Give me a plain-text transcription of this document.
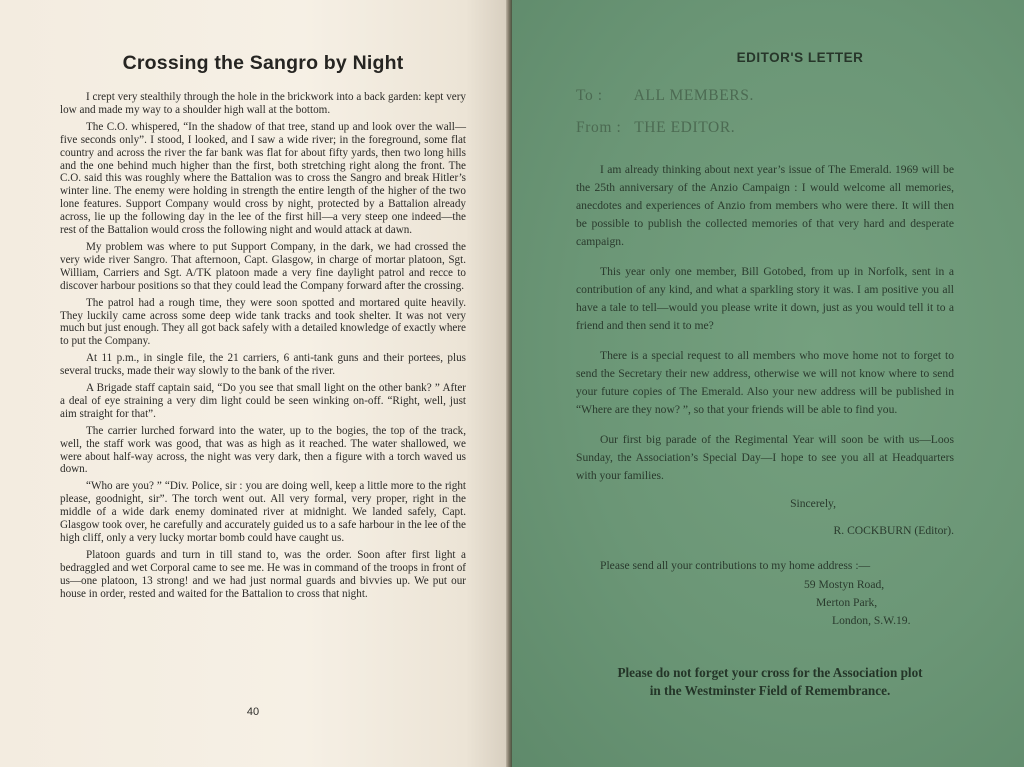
Crossing the Sangro by Night

I crept very stealthily through the hole in the brickwork into a back garden: kept very low and made my way to a shoulder high wall at the bottom.

The C.O. whispered, “In the shadow of that tree, stand up and look over the wall—five seconds only”. I stood, I looked, and I saw a wide river; in the foreground, some flat country and across the river the far bank was flat for about fifty yards, then two long hills and the one behind much higher than the first, both stretching right along the front. The C.O. said this was roughly where the Battalion was to cross the Sangro and break Hitler’s winter line. The enemy were holding in strength the entire length of the higher of the two lone features. Support Company would cross by night, protected by a Battalion already across, lie up the following day in the lee of the first hill—a very steep one indeed—the rest of the Battalion would cross the following night and would attack at dawn.

My problem was where to put Support Company, in the dark, we had crossed the very wide river Sangro. That afternoon, Capt. Glasgow, in charge of mortar platoon, Sgt. William, Carriers and Sgt. A/TK platoon made a very fine daylight patrol and recce to discover harbour positions so that they could lead the Company forward after the crossing.

The patrol had a rough time, they were soon spotted and mortared quite heavily. They luckily came across some deep wide tank tracks and took shelter. It was not very much but just enough. They all got back safely with a detailed knowledge of exactly where to put the Company.

At 11 p.m., in single file, the 21 carriers, 6 anti-tank guns and their portees, plus several trucks, made their way slowly to the bank of the river.

A Brigade staff captain said, “Do you see that small light on the other bank? ” After a deal of eye straining a very dim light could be seen winking on-off. “Right, well, just aim straight for that”.

The carrier lurched forward into the water, up to the bogies, the top of the track, well, the staff work was good, that was as high as it reached. The water shallowed, we were about half-way across, the night was very dark, then a figure with a torch waved us down.

“Who are you? ” “Div. Police, sir : you are doing well, keep a little more to the right please, goodnight, sir”. The torch went out. All very formal, very proper, right in the middle of a wide dark enemy dominated river at midnight. We landed safely, Capt. Glasgow took over, he carefully and accurately guided us to a safe harbour in the lee of the high cliff, only a very lucky mortar bomb could have caught us.

Platoon guards and turn in till stand to, was the order. Soon after first light a bedraggled and wet Corporal came to see me. He was in command of the troops in front of us—one platoon, 13 strong! and we had just normal guards and bivvies up. We put our house in order, rested and waited for the Battalion to cross that night.

40
EDITOR'S LETTER
To : ALL MEMBERS.
From : THE EDITOR.

I am already thinking about next year’s issue of The Emerald. 1969 will be the 25th anniversary of the Anzio Campaign : I would welcome all memories, anecdotes and experiences of Anzio from members who were there. It will then be possible to publish the collected memories of that very hard and desperate campaign.

This year only one member, Bill Gotobed, from up in Norfolk, sent in a contribution of any kind, and what a sparkling story it was. I am positive you all have a tale to tell—would you please write it down, just as you would tell it to a friend and then send it to me?

There is a special request to all members who move home not to forget to send the Secretary their new address, otherwise we will not know where to send your future copies of The Emerald. Also your new address will be published in “Where are they now? ”, so that your friends will be able to find you.

Our first big parade of the Regimental Year will soon be with us—Loos Sunday, the Association’s Special Day—I hope to see you all at Headquarters with your families.

Sincerely,
R. COCKBURN (Editor).
Please send all your contributions to my home address :—
59 Mostyn Road,
Merton Park,
London, S.W.19.
Please do not forget your cross for the Association plot
in the Westminster Field of Remembrance.
